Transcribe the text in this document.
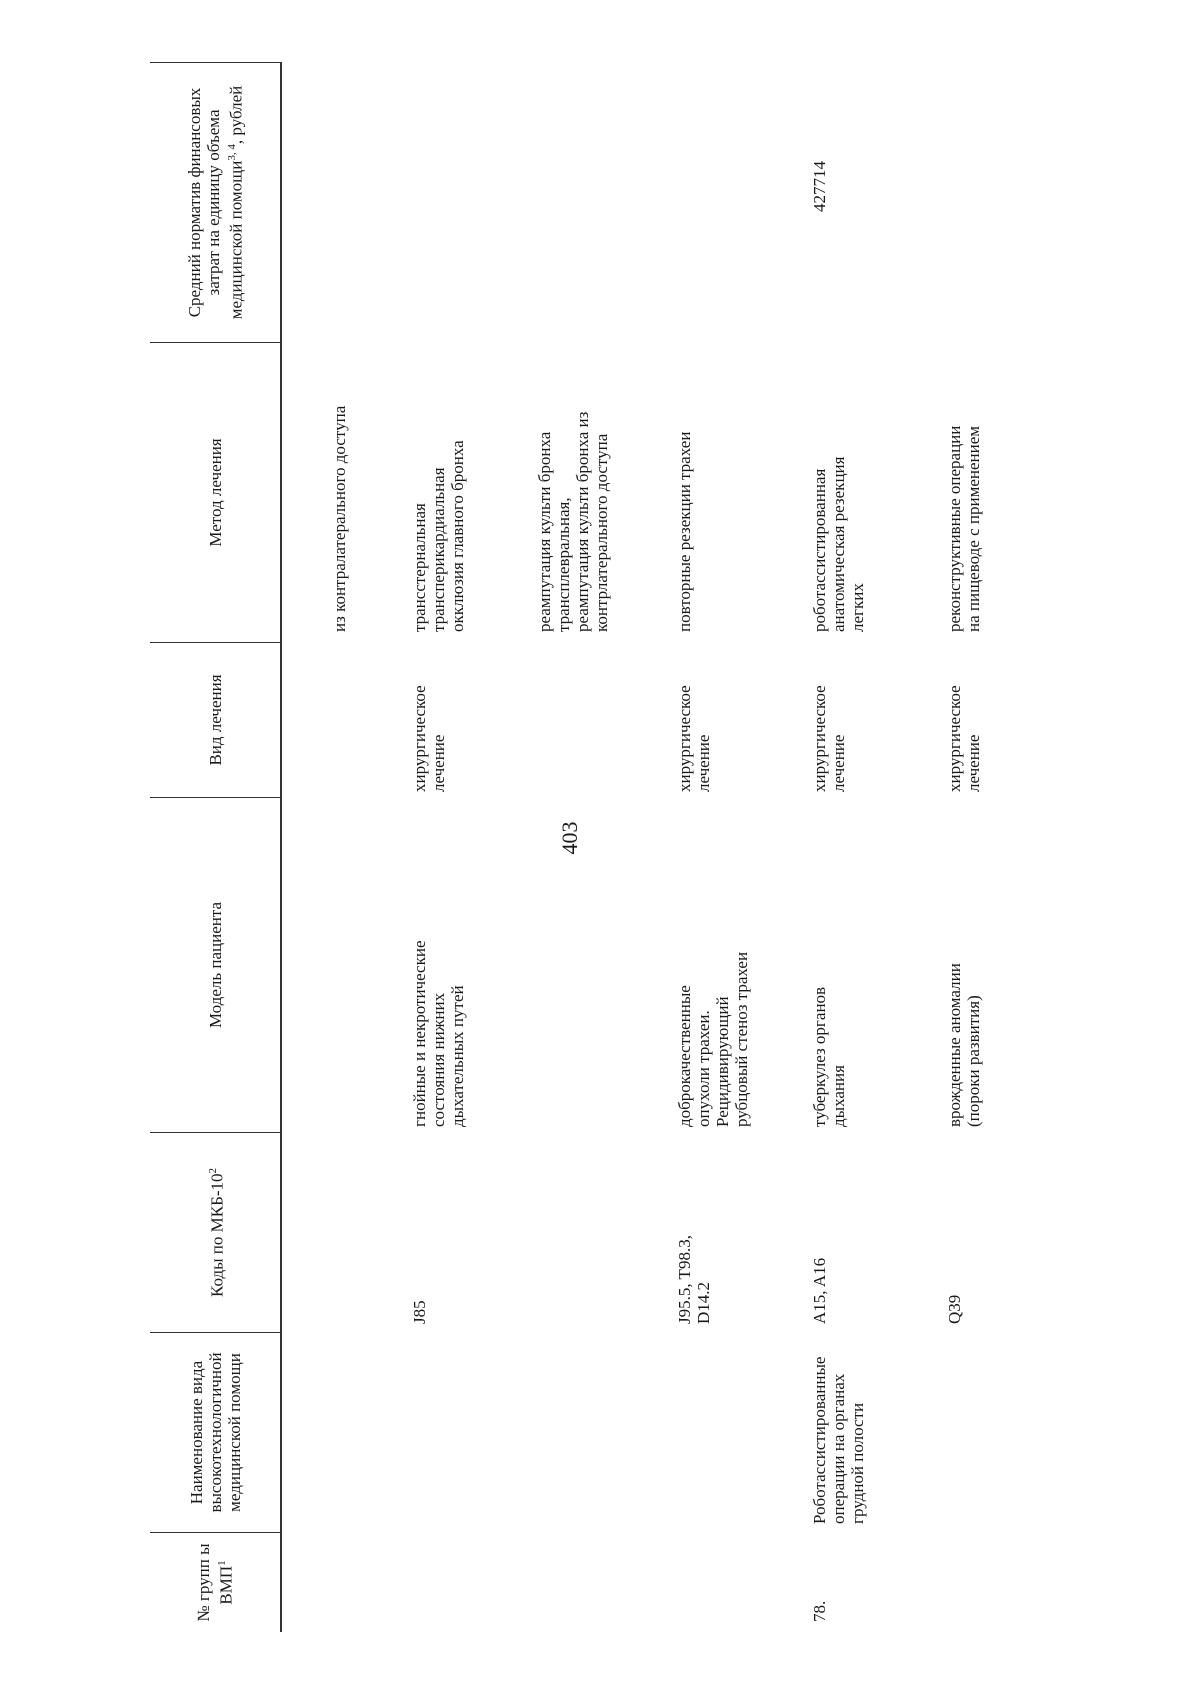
403
№ групп ы ВМП$^1$
Наименование вида высокотехнологичной медицинской помощи
Коды по МКБ-$10^2$
Модель пациента
Вид лечения
Метод лечения
Средний норматив финансовых затрат на единицу объема медицинской помощи$^{3, 4}$, рублей
из контралатерального доступа
J85
гнойные и некротические
состояния нижних
дыхательных путей
хирургическое
лечение
трансстернальная
трансперикардиальная
окклюзия главного бронха
реампутация культи бронха
трансплевральная,
реампутация культи бронха из
контрлатерального доступа
J95.5, T98.3,
D14.2
доброкачественные
опухоли трахеи.
Рецидивирующий
рубцовый стеноз трахеи
хирургическое
лечение
повторные резекции трахеи
78.
Роботассистированные
операции на органах
грудной полости
A15, A16
туберкулез органов
дыхания
хирургическое
лечение
роботассистированная
анатомическая резекция
легких
427714
Q39
врожденные аномалии
(пороки развития)
хирургическое
лечение
реконструктивные операции
на пищеводе с применением
